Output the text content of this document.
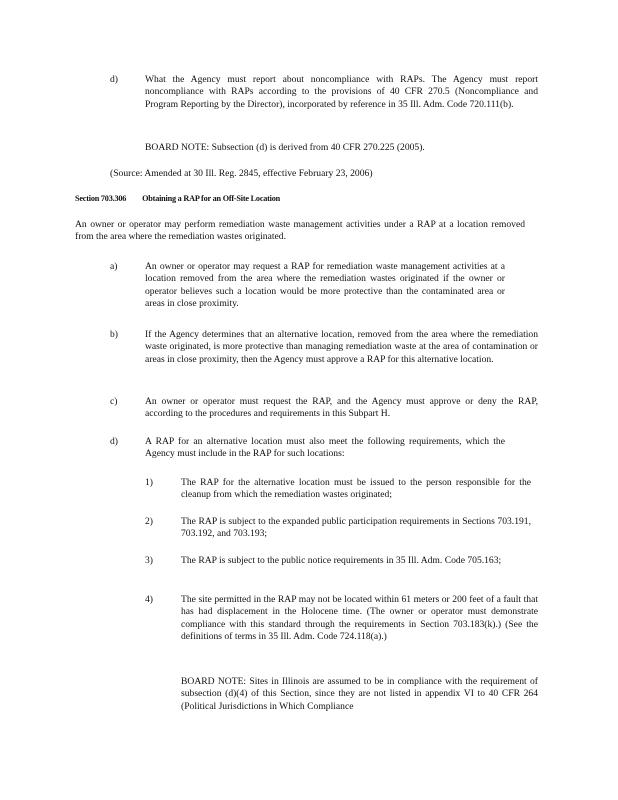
d)	What the Agency must report about noncompliance with RAPs. The Agency must report noncompliance with RAPs according to the provisions of 40 CFR 270.5 (Noncompliance and Program Reporting by the Director), incorporated by reference in 35 Ill. Adm. Code 720.111(b).
BOARD NOTE: Subsection (d) is derived from 40 CFR 270.225 (2005).
(Source: Amended at 30 Ill. Reg. 2845, effective February 23, 2006)
Section 703.306 Obtaining a RAP for an Off-Site Location
An owner or operator may perform remediation waste management activities under a RAP at a location removed from the area where the remediation wastes originated.
a)	An owner or operator may request a RAP for remediation waste management activities at a location removed from the area where the remediation wastes originated if the owner or operator believes such a location would be more protective than the contaminated area or areas in close proximity.
b)	If the Agency determines that an alternative location, removed from the area where the remediation waste originated, is more protective than managing remediation waste at the area of contamination or areas in close proximity, then the Agency must approve a RAP for this alternative location.
c)	An owner or operator must request the RAP, and the Agency must approve or deny the RAP, according to the procedures and requirements in this Subpart H.
d)	A RAP for an alternative location must also meet the following requirements, which the Agency must include in the RAP for such locations:
1)	The RAP for the alternative location must be issued to the person responsible for the cleanup from which the remediation wastes originated;
2)	The RAP is subject to the expanded public participation requirements in Sections 703.191, 703.192, and 703.193;
3)	The RAP is subject to the public notice requirements in 35 Ill. Adm. Code 705.163;
4)	The site permitted in the RAP may not be located within 61 meters or 200 feet of a fault that has had displacement in the Holocene time. (The owner or operator must demonstrate compliance with this standard through the requirements in Section 703.183(k).) (See the definitions of terms in 35 Ill. Adm. Code 724.118(a).)
BOARD NOTE: Sites in Illinois are assumed to be in compliance with the requirement of subsection (d)(4) of this Section, since they are not listed in appendix VI to 40 CFR 264 (Political Jurisdictions in Which Compliance
